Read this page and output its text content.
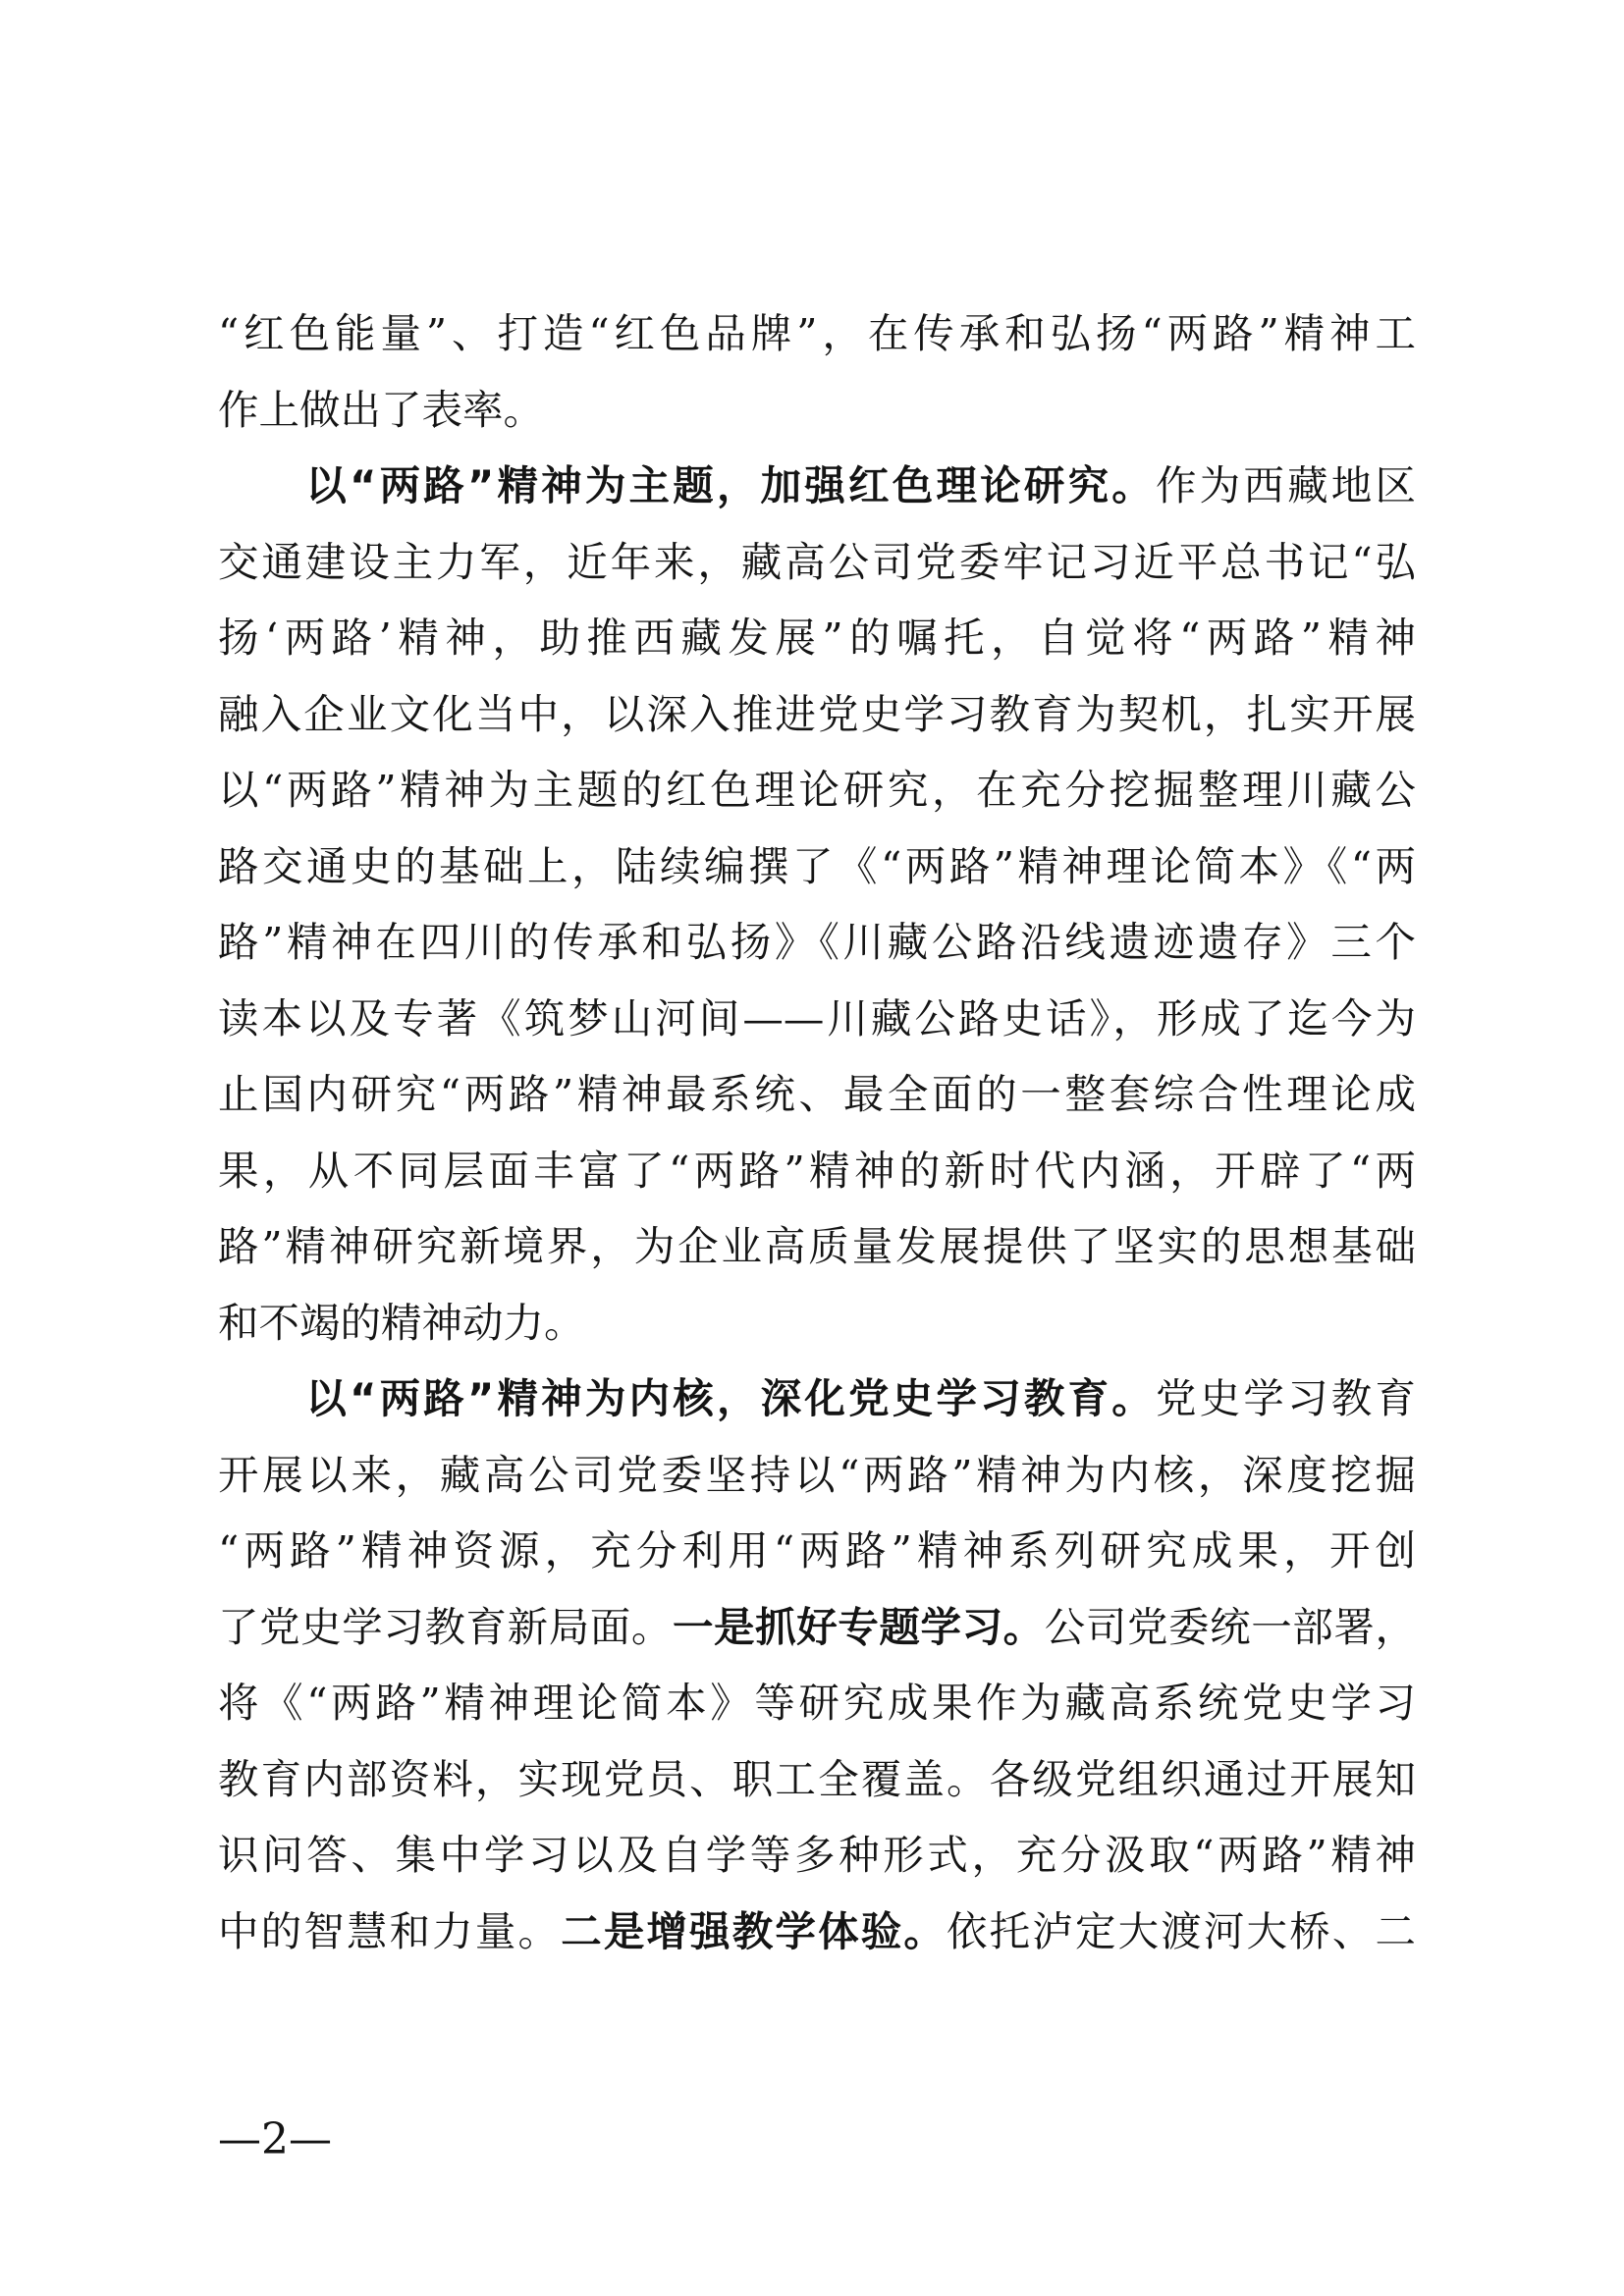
“红色能量”、打造“红色品牌”，在传承和弘扬“两路”精神工
作上做出了表率。
　　以“两路”精神为主题，加强红色理论研究。作为西藏地区
交通建设主力军，近年来，藏高公司党委牢记习近平总书记“弘
扬‘两路’精神，助推西藏发展”的嘱托，自觉将“两路”精神
融入企业文化当中，以深入推进党史学习教育为契机，扎实开展
以“两路”精神为主题的红色理论研究，在充分挖掘整理川藏公
路交通史的基础上，陆续编撰了《“两路”精神理论简本》《“两
路”精神在四川的传承和弘扬》《川藏公路沿线遗迹遗存》三个
读本以及专著《筑梦山河间——川藏公路史话》，形成了迄今为
止国内研究“两路”精神最系统、最全面的一整套综合性理论成
果，从不同层面丰富了“两路”精神的新时代内涵，开辟了“两
路”精神研究新境界，为企业高质量发展提供了坚实的思想基础
和不竭的精神动力。
　　以“两路”精神为内核，深化党史学习教育。党史学习教育
开展以来，藏高公司党委坚持以“两路”精神为内核，深度挖掘
“两路”精神资源，充分利用“两路”精神系列研究成果，开创
了党史学习教育新局面。一是抓好专题学习。公司党委统一部署，
将《“两路”精神理论简本》等研究成果作为藏高系统党史学习
教育内部资料，实现党员、职工全覆盖。各级党组织通过开展知
识问答、集中学习以及自学等多种形式，充分汲取“两路”精神
中的智慧和力量。二是增强教学体验。依托泸定大渡河大桥、二
—2—
